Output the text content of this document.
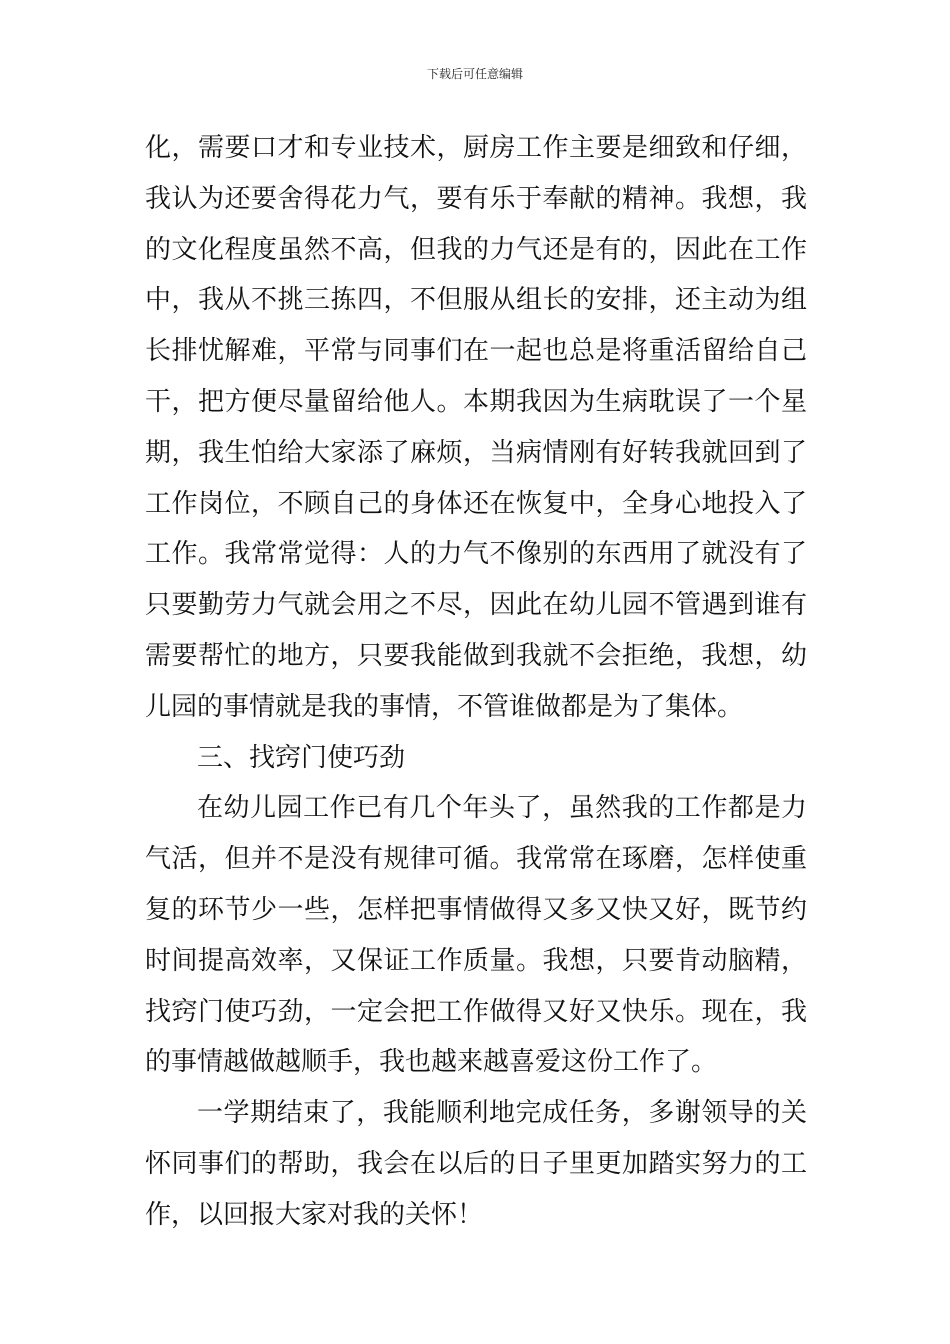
下载后可任意编辑
化，需要口才和专业技术，厨房工作主要是细致和仔细，
我认为还要舍得花力气，要有乐于奉献的精神。我想，我
的文化程度虽然不高，但我的力气还是有的，因此在工作
中，我从不挑三拣四，不但服从组长的安排，还主动为组
长排忧解难，平常与同事们在一起也总是将重活留给自己
干，把方便尽量留给他人。本期我因为生病耽误了一个星
期，我生怕给大家添了麻烦，当病情刚有好转我就回到了
工作岗位，不顾自己的身体还在恢复中，全身心地投入了
工作。我常常觉得：人的力气不像别的东西用了就没有了
只要勤劳力气就会用之不尽，因此在幼儿园不管遇到谁有
需要帮忙的地方，只要我能做到我就不会拒绝，我想，幼
儿园的事情就是我的事情，不管谁做都是为了集体。
三、找窍门使巧劲
在幼儿园工作已有几个年头了，虽然我的工作都是力
气活，但并不是没有规律可循。我常常在琢磨，怎样使重
复的环节少一些，怎样把事情做得又多又快又好，既节约
时间提高效率，又保证工作质量。我想，只要肯动脑精，
找窍门使巧劲，一定会把工作做得又好又快乐。现在，我
的事情越做越顺手，我也越来越喜爱这份工作了。
一学期结束了，我能顺利地完成任务，多谢领导的关
怀同事们的帮助，我会在以后的日子里更加踏实努力的工
作，以回报大家对我的关怀！
